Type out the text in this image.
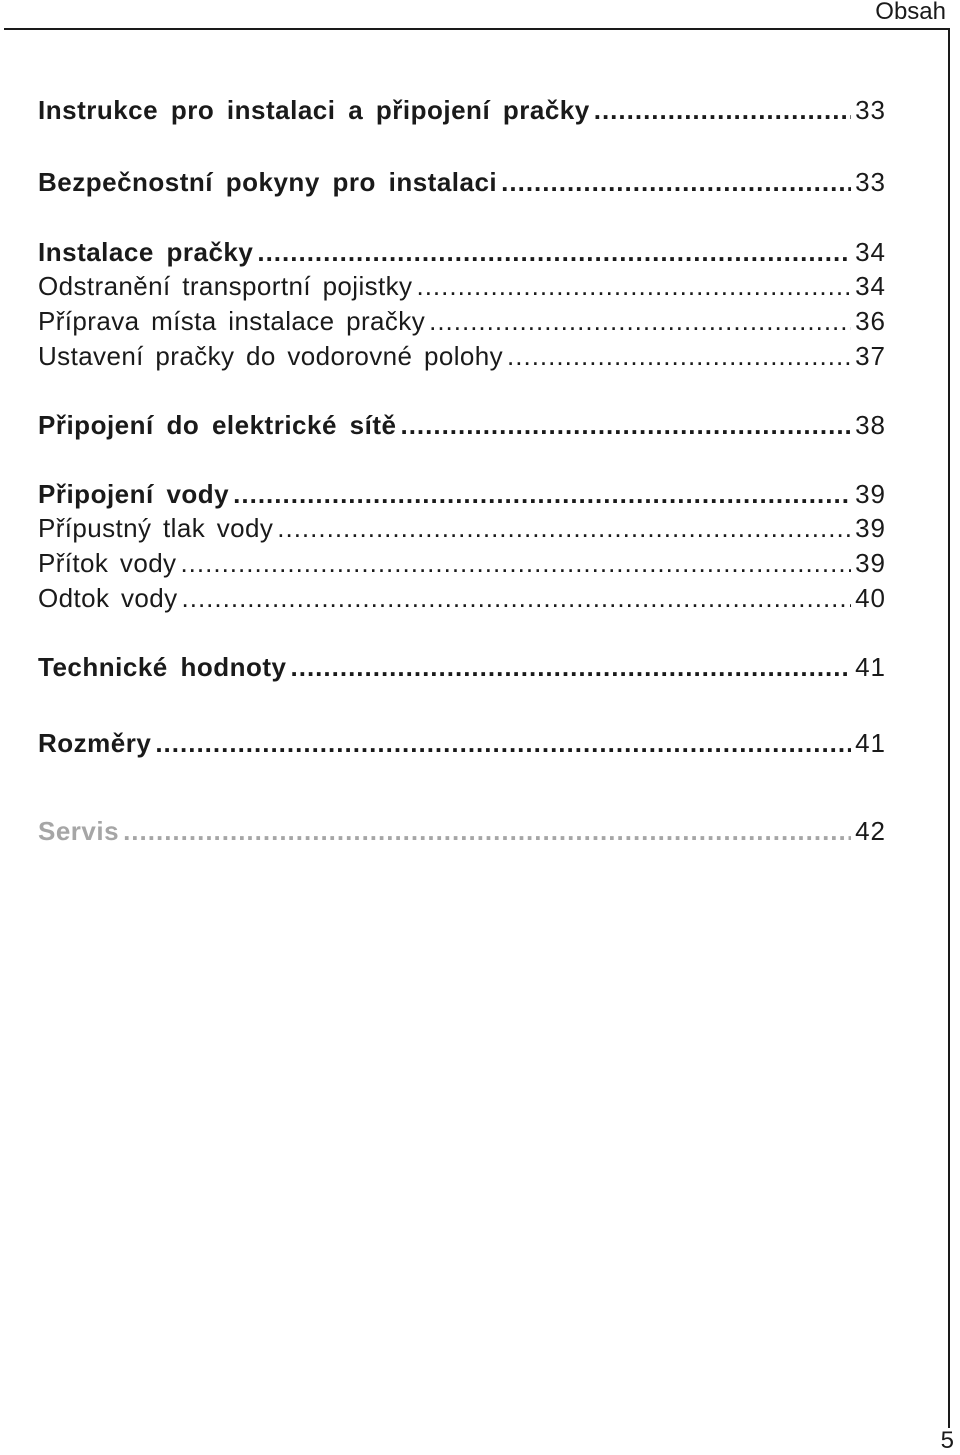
Obsah
Instrukce pro instalaci a připojení pračky .....	33
Bezpečnostní pokyny pro instalaci .....	33
Instalace pračky .....	34
Odstranění transportní pojistky .....	34
Příprava místa instalace pračky .....	36
Ustavení pračky do vodorovné polohy .....	37
Připojení do elektrické sítě .....	38
Připojení vody .....	39
Přípustný tlak vody .....	39
Přítok vody .....	39
Odtok vody .....	40
Technické hodnoty .....	41
Rozměry .....	41
Servis .....	42
5
